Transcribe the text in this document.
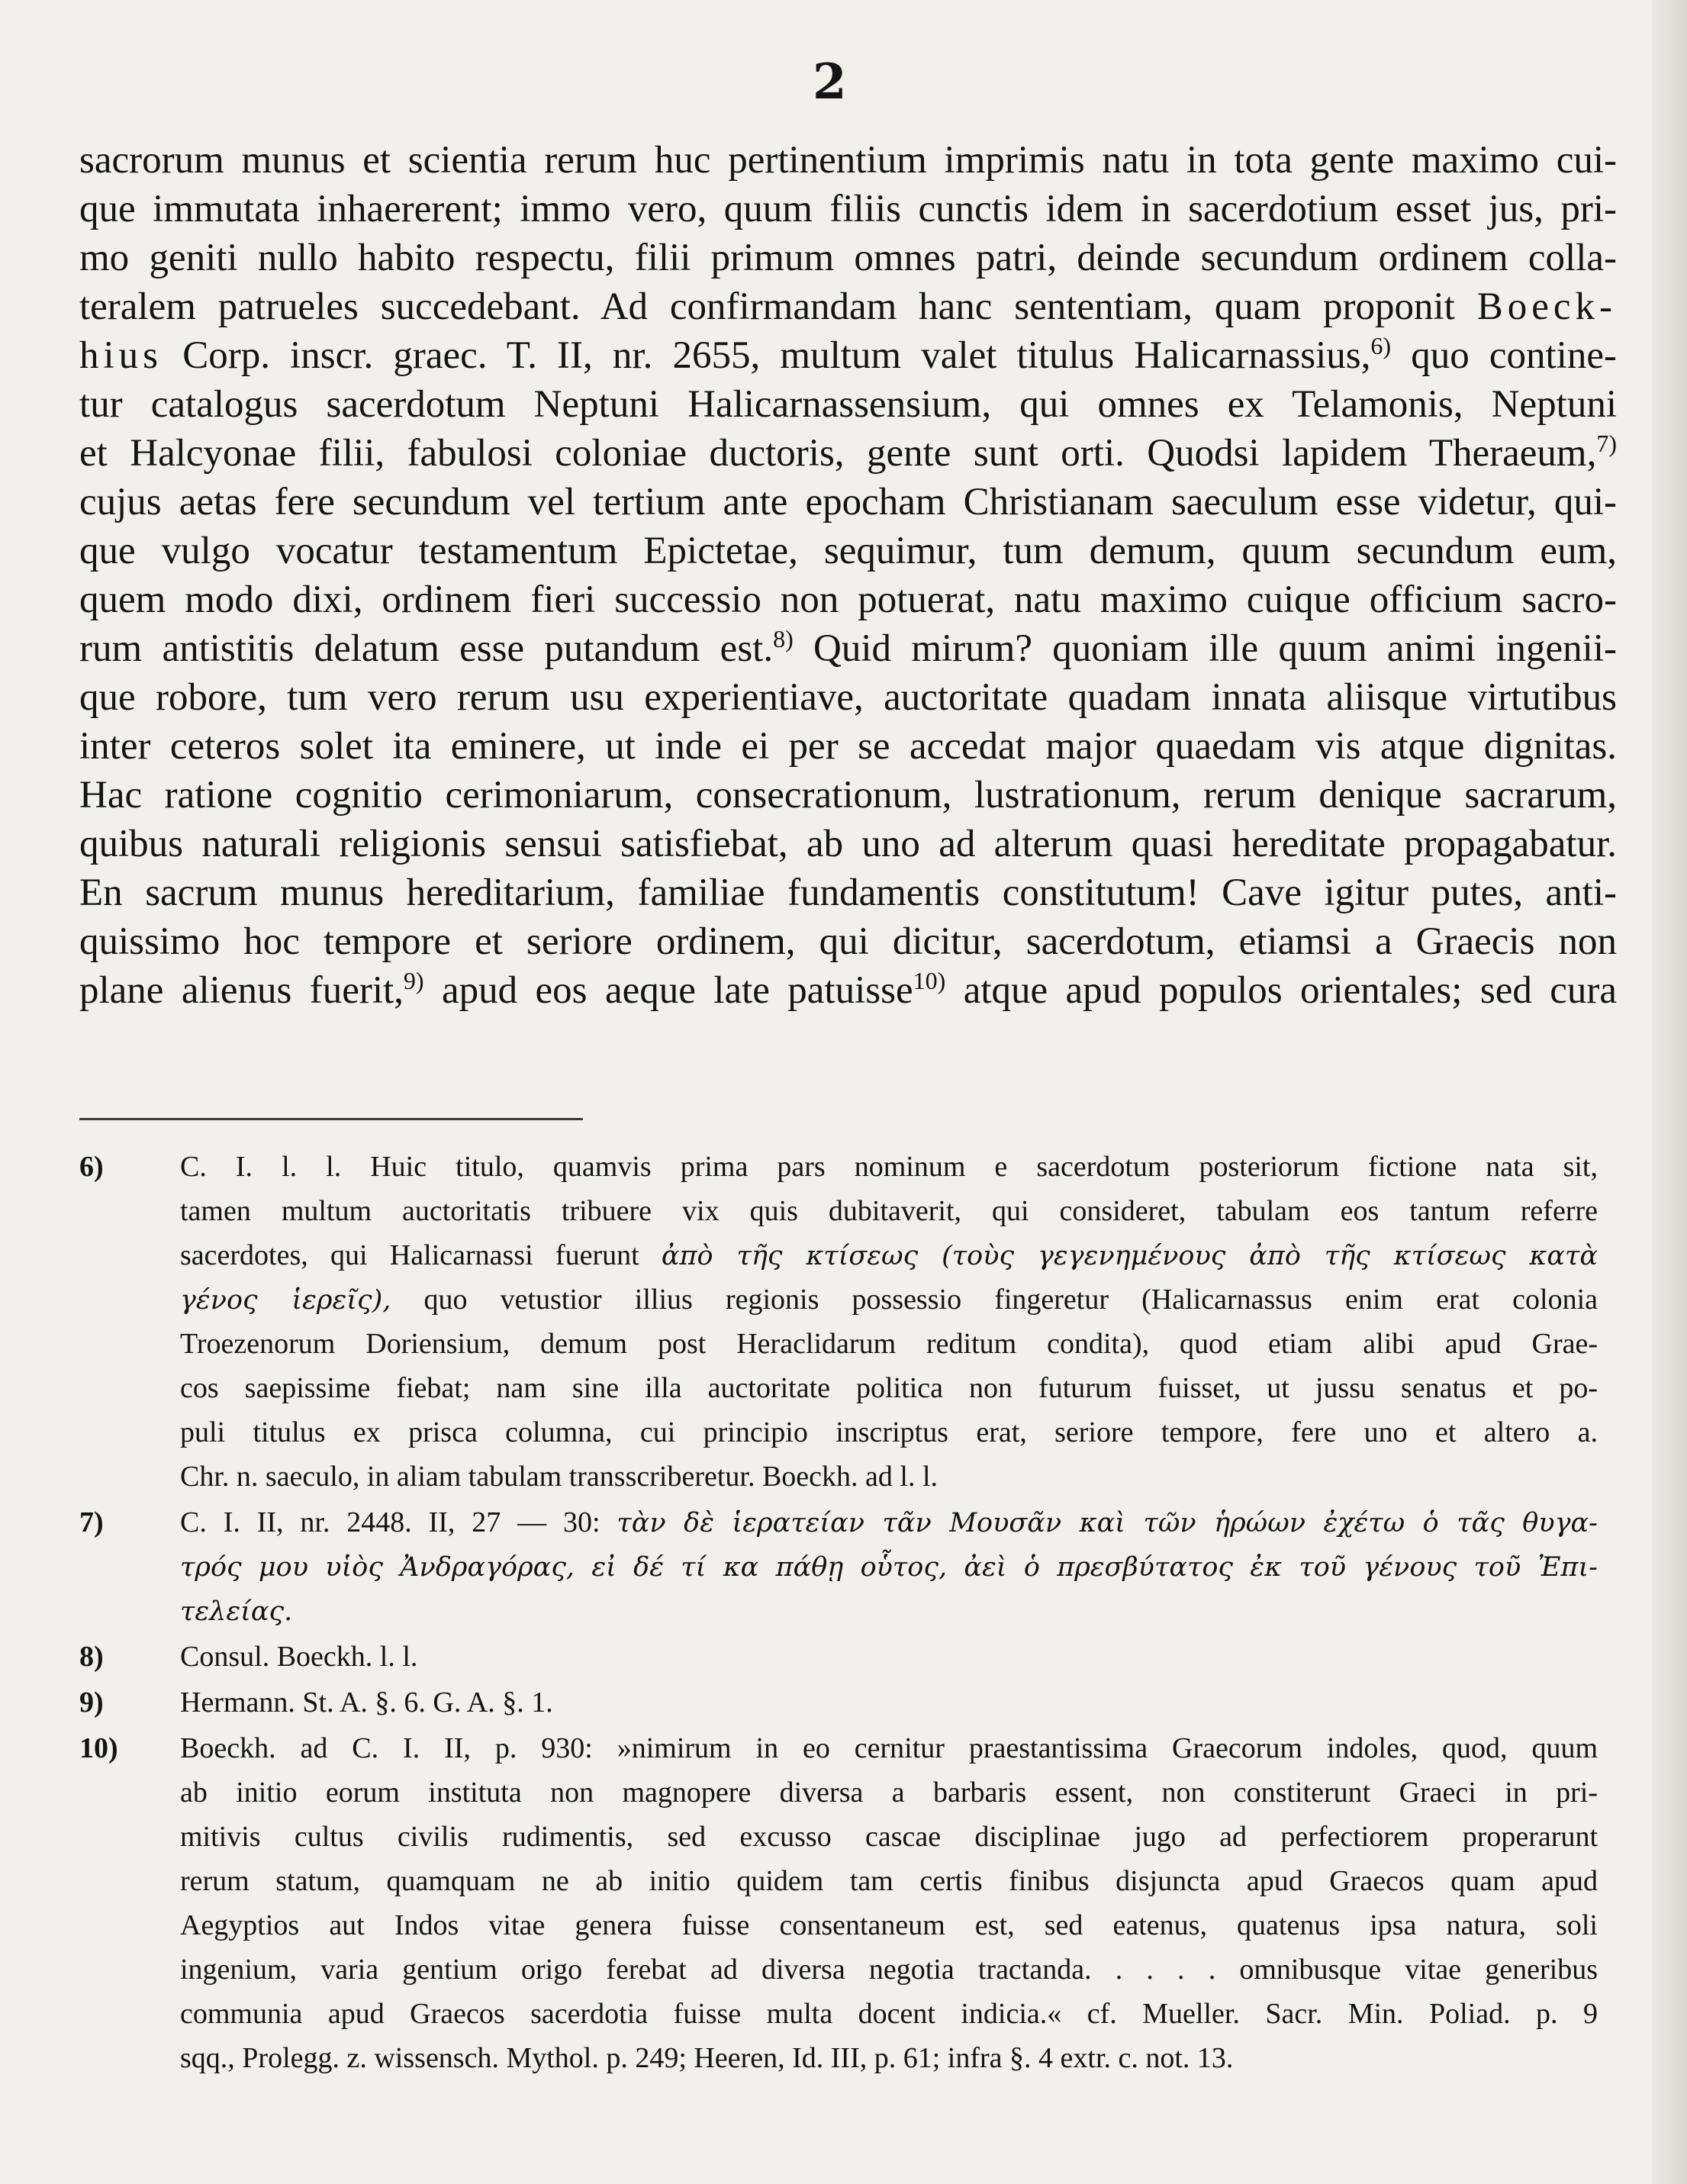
2
sacrorum munus et scientia rerum huc pertinentium imprimis natu in tota gente maximo cui-
que immutata inhaererent; immo vero, quum filiis cunctis idem in sacerdotium esset jus, pri-
mo geniti nullo habito respectu, filii primum omnes patri, deinde secundum ordinem colla-
teralem patrueles succedebant. Ad confirmandam hanc sententiam, quam proponit Boeck-
hius Corp. inscr. graec. T. II, nr. 2655, multum valet titulus Halicarnassius,$^{6)}$ quo contine-
tur catalogus sacerdotum Neptuni Halicarnassensium, qui omnes ex Telamonis, Neptuni
et Halcyonae filii, fabulosi coloniae ductoris, gente sunt orti. Quodsi lapidem Theraeum,$^{7)}$
cujus aetas fere secundum vel tertium ante epocham Christianam saeculum esse videtur, qui-
que vulgo vocatur testamentum Epictetae, sequimur, tum demum, quum secundum eum,
quem modo dixi, ordinem fieri successio non potuerat, natu maximo cuique officium sacro-
rum antistitis delatum esse putandum est.$^{8)}$ Quid mirum? quoniam ille quum animi ingenii-
que robore, tum vero rerum usu experientiave, auctoritate quadam innata aliisque virtutibus
inter ceteros solet ita eminere, ut inde ei per se accedat major quaedam vis atque dignitas.
Hac ratione cognitio cerimoniarum, consecrationum, lustrationum, rerum denique sacrarum,
quibus naturali religionis sensui satisfiebat, ab uno ad alterum quasi hereditate propagabatur.
En sacrum munus hereditarium, familiae fundamentis constitutum! Cave igitur putes, anti-
quissimo hoc tempore et seriore ordinem, qui dicitur, sacerdotum, etiamsi a Graecis non
plane alienus fuerit,$^{9)}$ apud eos aeque late patuisse$^{10)}$ atque apud populos orientales; sed cura
6)	C. I. l. l. Huic titulo, quamvis prima pars nominum e sacerdotum posteriorum fictione nata sit,
tamen multum auctoritatis tribuere vix quis dubitaverit, qui consideret, tabulam eos tantum referre
sacerdotes, qui Halicarnassi fuerunt ἀπὸ τῆς κτίσεως (τοὺς γεγενημένους ἀπὸ τῆς κτίσεως κατὰ
γένος ἱερεῖς), quo vetustior illius regionis possessio fingeretur (Halicarnassus enim erat colonia
Troezenorum Doriensium, demum post Heraclidarum reditum condita), quod etiam alibi apud Grae-
cos saepissime fiebat; nam sine illa auctoritate politica non futurum fuisset, ut jussu senatus et po-
puli titulus ex prisca columna, cui principio inscriptus erat, seriore tempore, fere uno et altero a.
Chr. n. saeculo, in aliam tabulam transscriberetur. Boeckh. ad l. l.
7)	C. I. II, nr. 2448. II, 27 — 30: τὰν δὲ ἱερατείαν τᾶν Μουσᾶν καὶ τῶν ἡρώων ἐχέτω ὁ τᾶς θυγα-
τρός μου υἱὸς Ἀνδραγόρας, εἰ δέ τί κα πάθῃ οὗτος, ἀεὶ ὁ πρεσβύτατος ἐκ τοῦ γένους τοῦ Ἐπι-
τελείας.
8)	Consul. Boeckh. l. l.
9)	Hermann. St. A. §. 6. G. A. §. 1.
10) Boeckh. ad C. I. II, p. 930: »nimirum in eo cernitur praestantissima Graecorum indoles, quod, quum
ab initio eorum instituta non magnopere diversa a barbaris essent, non constiterunt Graeci in pri-
mitivis cultus civilis rudimentis, sed excusso cascae disciplinae jugo ad perfectiorem properarunt
rerum statum, quamquam ne ab initio quidem tam certis finibus disjuncta apud Graecos quam apud
Aegyptios aut Indos vitae genera fuisse consentaneum est, sed eatenus, quatenus ipsa natura, soli
ingenium, varia gentium origo ferebat ad diversa negotia tractanda. . . . . omnibusque vitae generibus
communia apud Graecos sacerdotia fuisse multa docent indicia.« cf. Mueller. Sacr. Min. Poliad. p. 9
sqq., Prolegg. z. wissensch. Mythol. p. 249; Heeren, Id. III, p. 61; infra §. 4 extr. c. not. 13.
